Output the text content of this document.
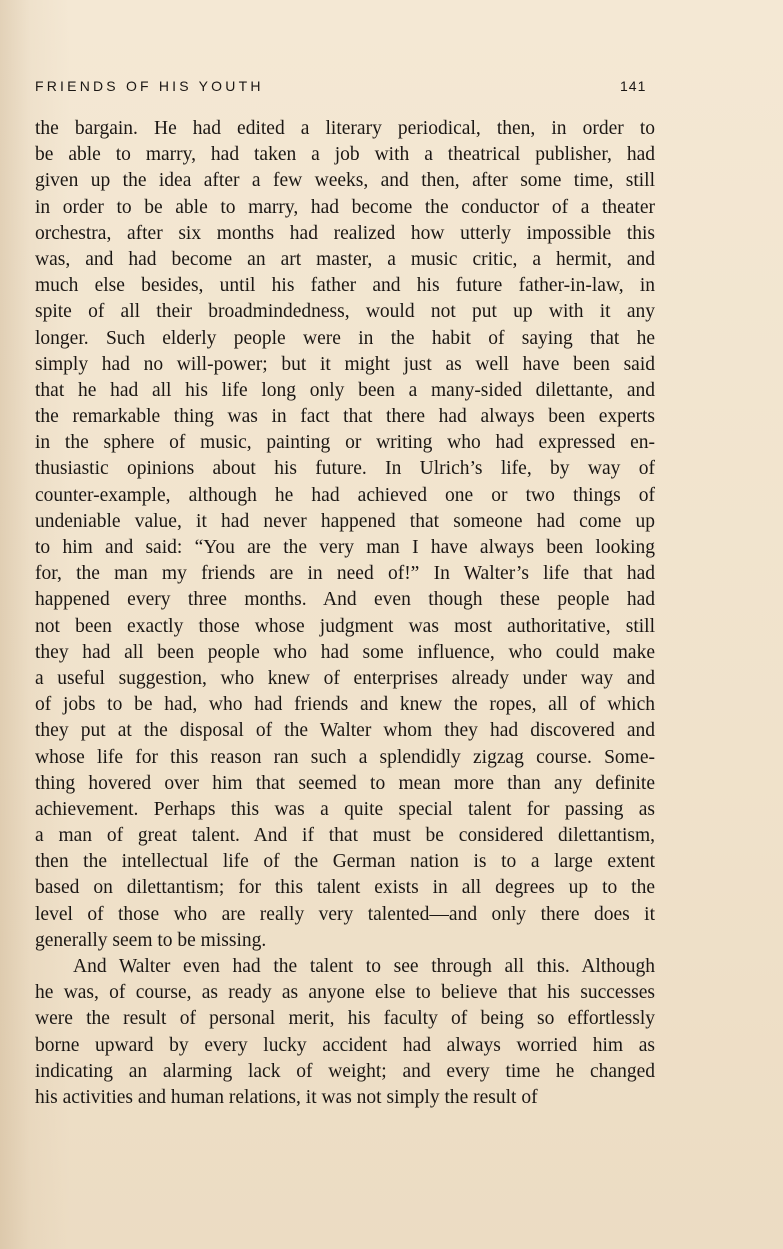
FRIENDS OF HIS YOUTH	141
the bargain. He had edited a literary periodical, then, in order to
be able to marry, had taken a job with a theatrical publisher, had
given up the idea after a few weeks, and then, after some time, still
in order to be able to marry, had become the conductor of a theater
orchestra, after six months had realized how utterly impossible this
was, and had become an art master, a music critic, a hermit, and
much else besides, until his father and his future father-in-law, in
spite of all their broadmindedness, would not put up with it any
longer. Such elderly people were in the habit of saying that he
simply had no will-power; but it might just as well have been said
that he had all his life long only been a many-sided dilettante, and
the remarkable thing was in fact that there had always been experts
in the sphere of music, painting or writing who had expressed en-
thusiastic opinions about his future. In Ulrich’s life, by way of
counter-example, although he had achieved one or two things of
undeniable value, it had never happened that someone had come up
to him and said: “You are the very man I have always been looking
for, the man my friends are in need of!” In Walter’s life that had
happened every three months. And even though these people had
not been exactly those whose judgment was most authoritative, still
they had all been people who had some influence, who could make
a useful suggestion, who knew of enterprises already under way and
of jobs to be had, who had friends and knew the ropes, all of which
they put at the disposal of the Walter whom they had discovered and
whose life for this reason ran such a splendidly zigzag course. Some-
thing hovered over him that seemed to mean more than any definite
achievement. Perhaps this was a quite special talent for passing as
a man of great talent. And if that must be considered dilettantism,
then the intellectual life of the German nation is to a large extent
based on dilettantism; for this talent exists in all degrees up to the
level of those who are really very talented—and only there does it
generally seem to be missing.
And Walter even had the talent to see through all this. Although
he was, of course, as ready as anyone else to believe that his successes
were the result of personal merit, his faculty of being so effortlessly
borne upward by every lucky accident had always worried him as
indicating an alarming lack of weight; and every time he changed
his activities and human relations, it was not simply the result of
